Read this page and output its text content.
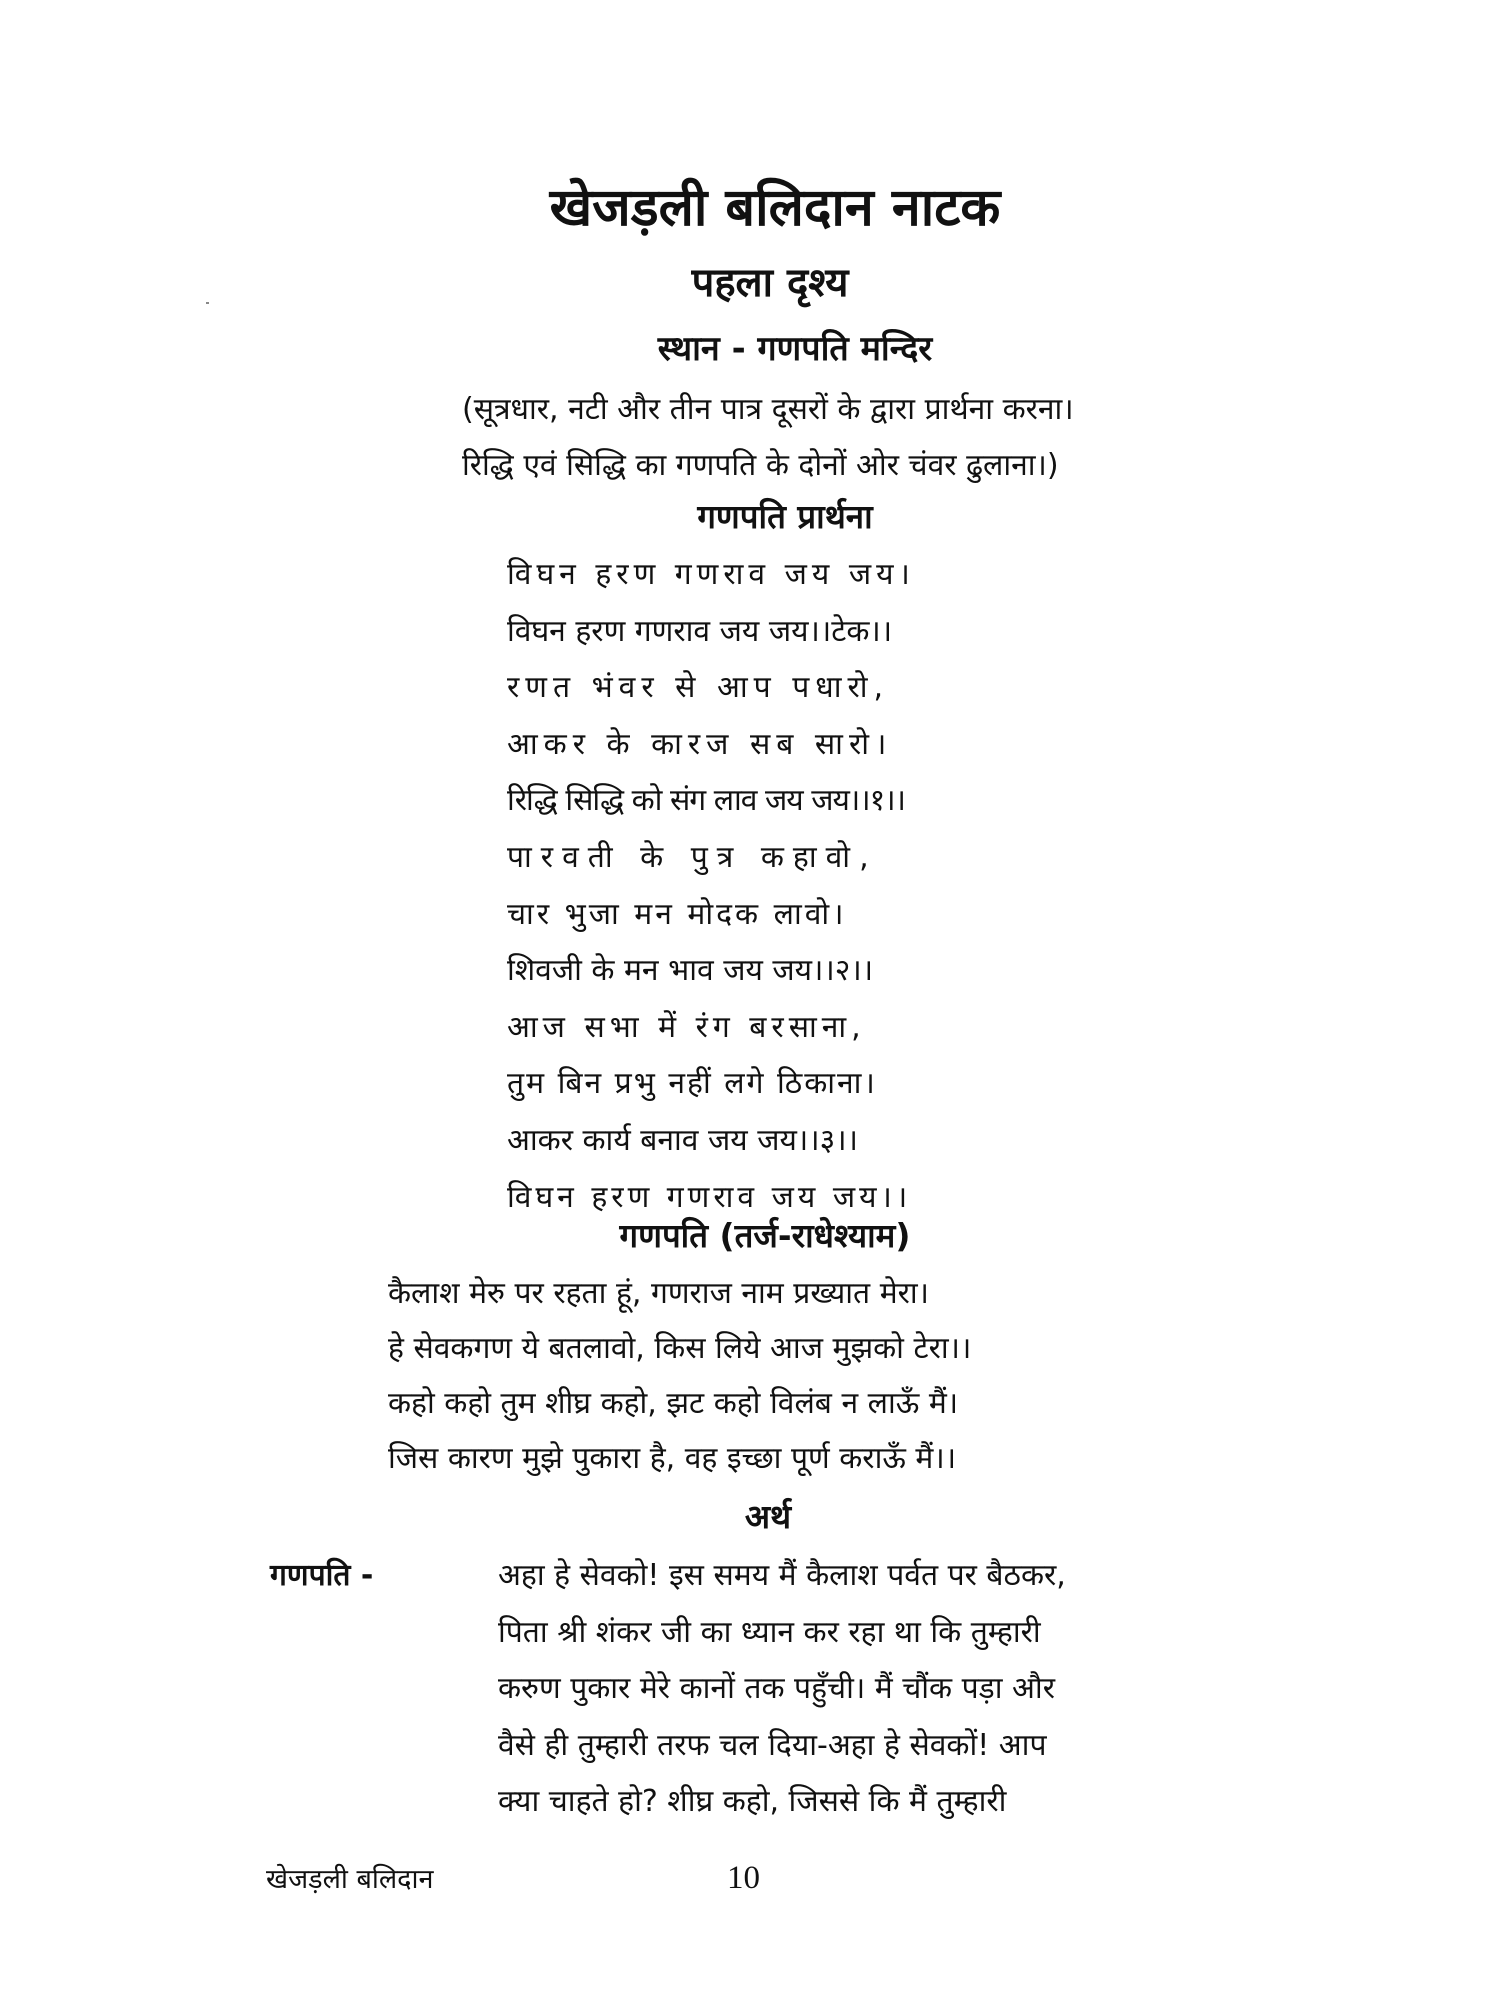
खेजड़ली बलिदान नाटक
पहला दृश्य
स्थान - गणपति मन्दिर
(सूत्रधार, नटी और तीन पात्र दूसरों के द्वारा प्रार्थना करना।
रिद्धि एवं सिद्धि का गणपति के दोनों ओर चंवर ढुलाना।)
गणपति प्रार्थना
विघन हरण गणराव जय जय।
विघन हरण गणराव जय जय।।टेक।।
रणत भंवर से आप पधारो,
आकर के कारज सब सारो।
रिद्धि सिद्धि को संग लाव जय जय।।१।।
पारवती के पुत्र कहावो,
चार भुजा मन मोदक लावो।
शिवजी के मन भाव जय जय।।२।।
आज सभा में रंग बरसाना,
तुम बिन प्रभु नहीं लगे ठिकाना।
आकर कार्य बनाव जय जय।।३।।
विघन हरण गणराव जय जय।।
गणपति (तर्ज-राधेश्याम)
कैलाश मेरु पर रहता हूं, गणराज नाम प्रख्यात मेरा।
हे सेवकगण ये बतलावो, किस लिये आज मुझको टेरा।।
कहो कहो तुम शीघ्र कहो, झट कहो विलंब न लाऊँ मैं।
जिस कारण मुझे पुकारा है, वह इच्छा पूर्ण कराऊँ मैं।।
अर्थ
गणपति -	अहा हे सेवको! इस समय मैं कैलाश पर्वत पर बैठकर,
पिता श्री शंकर जी का ध्यान कर रहा था कि तुम्हारी
करुण पुकार मेरे कानों तक पहुँची। मैं चौंक पड़ा और
वैसे ही तुम्हारी तरफ चल दिया-अहा हे सेवकों! आप
क्या चाहते हो? शीघ्र कहो, जिससे कि मैं तुम्हारी
खेजड़ली बलिदान	10
